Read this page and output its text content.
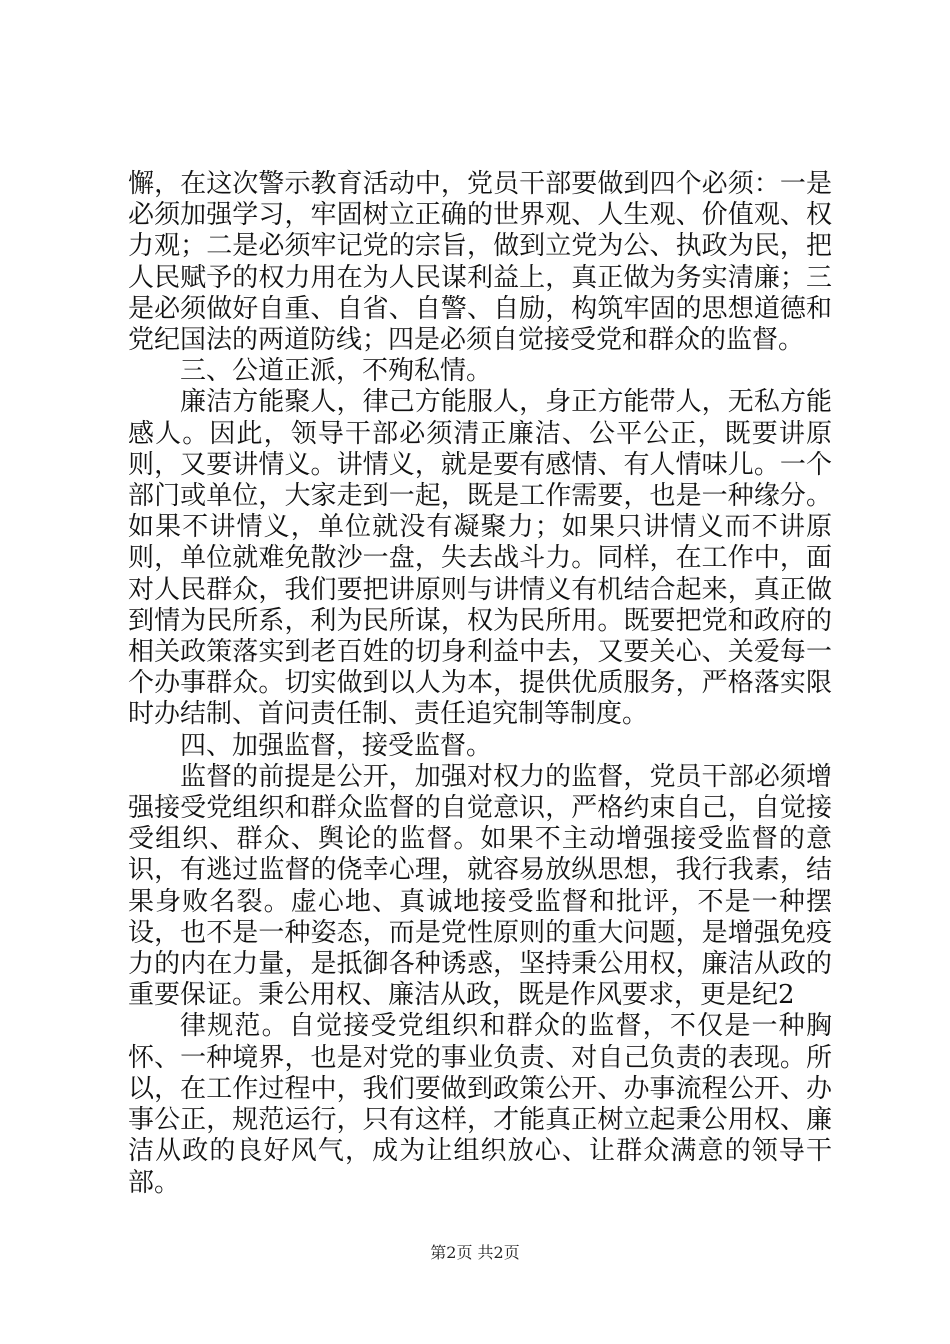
懈，在这次警示教育活动中，党员干部要做到四个必须：一是必须加强学习，牢固树立正确的世界观、人生观、价值观、权力观；二是必须牢记党的宗旨，做到立党为公、执政为民，把人民赋予的权力用在为人民谋利益上，真正做为务实清廉；三是必须做好自重、自省、自警、自励，构筑牢固的思想道德和党纪国法的两道防线；四是必须自觉接受党和群众的监督。

三、公道正派，不殉私情。

廉洁方能聚人，律己方能服人，身正方能带人，无私方能感人。因此，领导干部必须清正廉洁、公平公正，既要讲原则，又要讲情义。讲情义，就是要有感情、有人情味儿。一个部门或单位，大家走到一起，既是工作需要，也是一种缘分。如果不讲情义，单位就没有凝聚力；如果只讲情义而不讲原则，单位就难免散沙一盘，失去战斗力。同样，在工作中，面对人民群众，我们要把讲原则与讲情义有机结合起来，真正做到情为民所系，利为民所谋，权为民所用。既要把党和政府的相关政策落实到老百姓的切身利益中去，又要关心、关爱每一个办事群众。切实做到以人为本，提供优质服务，严格落实限时办结制、首问责任制、责任追究制等制度。

四、加强监督，接受监督。

监督的前提是公开，加强对权力的监督，党员干部必须增强接受党组织和群众监督的自觉意识，严格约束自己，自觉接受组织、群众、舆论的监督。如果不主动增强接受监督的意识，有逃过监督的侥幸心理，就容易放纵思想，我行我素，结果身败名裂。虚心地、真诚地接受监督和批评，不是一种摆设，也不是一种姿态，而是党性原则的重大问题，是增强免疫力的内在力量，是抵御各种诱惑，坚持秉公用权，廉洁从政的重要保证。秉公用权、廉洁从政，既是作风要求，更是纪2

律规范。自觉接受党组织和群众的监督，不仅是一种胸怀、一种境界，也是对党的事业负责、对自己负责的表现。所以，在工作过程中，我们要做到政策公开、办事流程公开、办事公正，规范运行，只有这样，才能真正树立起秉公用权、廉洁从政的良好风气，成为让组织放心、让群众满意的领导干部。

第2页 共2页
